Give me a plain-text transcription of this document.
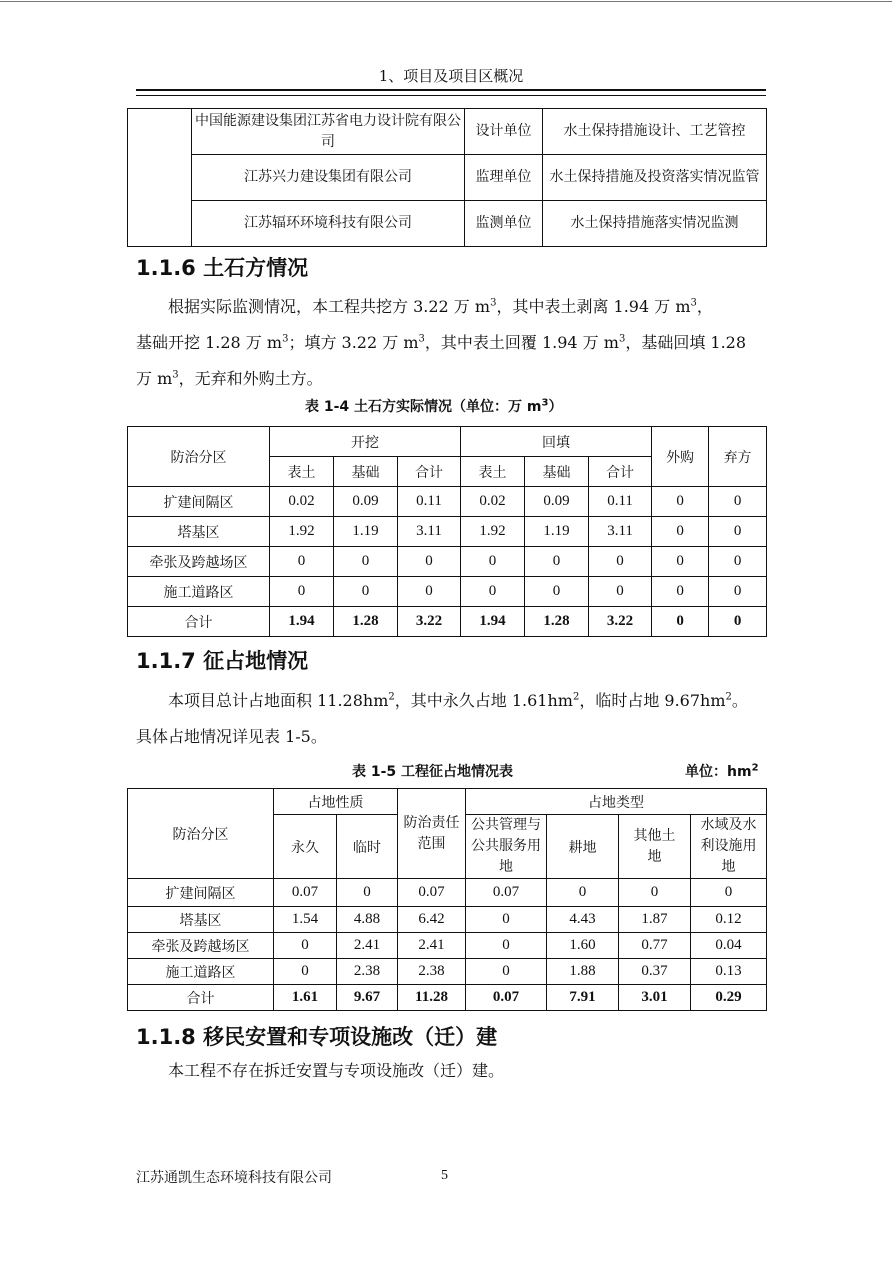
1、项目及项目区概况
	中国能源建设集团江苏省电力设计院有限公司	设计单位	水土保持措施设计、工艺管控
	江苏兴力建设集团有限公司	监理单位	水土保持措施及投资落实情况监管
	江苏辐环环境科技有限公司	监测单位	水土保持措施落实情况监测
1.1.6 土石方情况

根据实际监测情况，本工程共挖方 3.22 万 $m^3$，其中表土剥离 1.94 万 $m^3$，
基础开挖 1.28 万 $m^3$；填方 3.22 万 $m^3$，其中表土回覆 1.94 万 $m^3$，基础回填 1.28
万 $m^3$，无弃和外购土方。

表 1-4 土石方实际情况（单位：万 $m^3$）
防治分区	开挖			回填			外购	弃方
	表土	基础	合计	表土	基础	合计		
扩建间隔区	0.02	0.09	0.11	0.02	0.09	0.11	0	0
塔基区	1.92	1.19	3.11	1.92	1.19	3.11	0	0
牵张及跨越场区	0	0	0	0	0	0	0	0
施工道路区	0	0	0	0	0	0	0	0
合计	1.94	1.28	3.22	1.94	1.28	3.22	0	0
1.1.7 征占地情况

本项目总计占地面积 $11.28hm^2$，其中永久占地 $1.61hm^2$，临时占地 $9.67hm^2$。
具体占地情况详见表 1-5。

表 1-5 工程征占地情况表	单位：$hm^2$
防治分区	占地性质		防治责任范围	占地类型			
	永久	临时		公共管理与公共服务用地	耕地	其他土地	水域及水利设施用地
扩建间隔区	0.07	0	0.07	0.07	0	0	0
塔基区	1.54	4.88	6.42	0	4.43	1.87	0.12
牵张及跨越场区	0	2.41	2.41	0	1.60	0.77	0.04
施工道路区	0	2.38	2.38	0	1.88	0.37	0.13
合计	1.61	9.67	11.28	0.07	7.91	3.01	0.29
1.1.8 移民安置和专项设施改（迁）建

本工程不存在拆迁安置与专项设施改（迁）建。

江苏通凯生态环境科技有限公司	5
